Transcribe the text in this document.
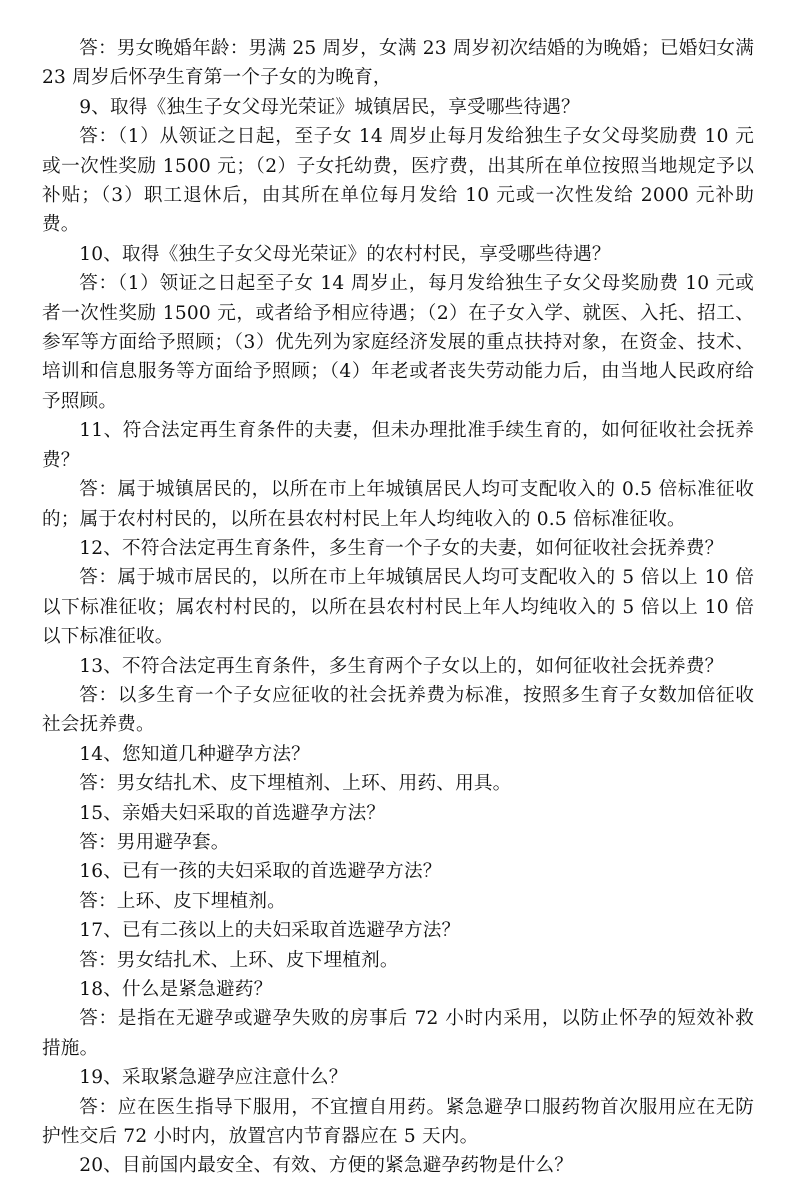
答：男女晚婚年龄：男满 25 周岁，女满 23 周岁初次结婚的为晚婚；已婚妇女满 23 周岁后怀孕生育第一个子女的为晚育，

9、取得《独生子女父母光荣证》城镇居民，享受哪些待遇？

答：（1）从领证之日起，至子女 14 周岁止每月发给独生子女父母奖励费 10 元或一次性奖励 1500 元；（2）子女托幼费，医疗费，出其所在单位按照当地规定予以补贴；（3）职工退休后，由其所在单位每月发给 10 元或一次性发给 2000 元补助费。

10、取得《独生子女父母光荣证》的农村村民，享受哪些待遇？

答：（1）领证之日起至子女 14 周岁止，每月发给独生子女父母奖励费 10 元或者一次性奖励 1500 元，或者给予相应待遇；（2）在子女入学、就医、入托、招工、参军等方面给予照顾；（3）优先列为家庭经济发展的重点扶持对象，在资金、技术、培训和信息服务等方面给予照顾；（4）年老或者丧失劳动能力后，由当地人民政府给予照顾。

11、符合法定再生育条件的夫妻，但未办理批准手续生育的，如何征收社会抚养费？

答：属于城镇居民的，以所在市上年城镇居民人均可支配收入的 0.5 倍标准征收的；属于农村村民的，以所在县农村村民上年人均纯收入的 0.5 倍标准征收。

12、不符合法定再生育条件，多生育一个子女的夫妻，如何征收社会抚养费？

答：属于城市居民的，以所在市上年城镇居民人均可支配收入的 5 倍以上 10 倍以下标准征收；属农村村民的，以所在县农村村民上年人均纯收入的 5 倍以上 10 倍以下标准征收。

13、不符合法定再生育条件，多生育两个子女以上的，如何征收社会抚养费？

答：以多生育一个子女应征收的社会抚养费为标准，按照多生育子女数加倍征收社会抚养费。

14、您知道几种避孕方法？

答：男女结扎术、皮下埋植剂、上环、用药、用具。

15、亲婚夫妇采取的首选避孕方法？

答：男用避孕套。

16、已有一孩的夫妇采取的首选避孕方法？

答：上环、皮下埋植剂。

17、已有二孩以上的夫妇采取首选避孕方法？

答：男女结扎术、上环、皮下埋植剂。

18、什么是紧急避药？

答：是指在无避孕或避孕失败的房事后 72 小时内采用，以防止怀孕的短效补救措施。

19、采取紧急避孕应注意什么？

答：应在医生指导下服用，不宜擅自用药。紧急避孕口服药物首次服用应在无防护性交后 72 小时内，放置宫内节育器应在 5 天内。

20、目前国内最安全、有效、方便的紧急避孕药物是什么？
